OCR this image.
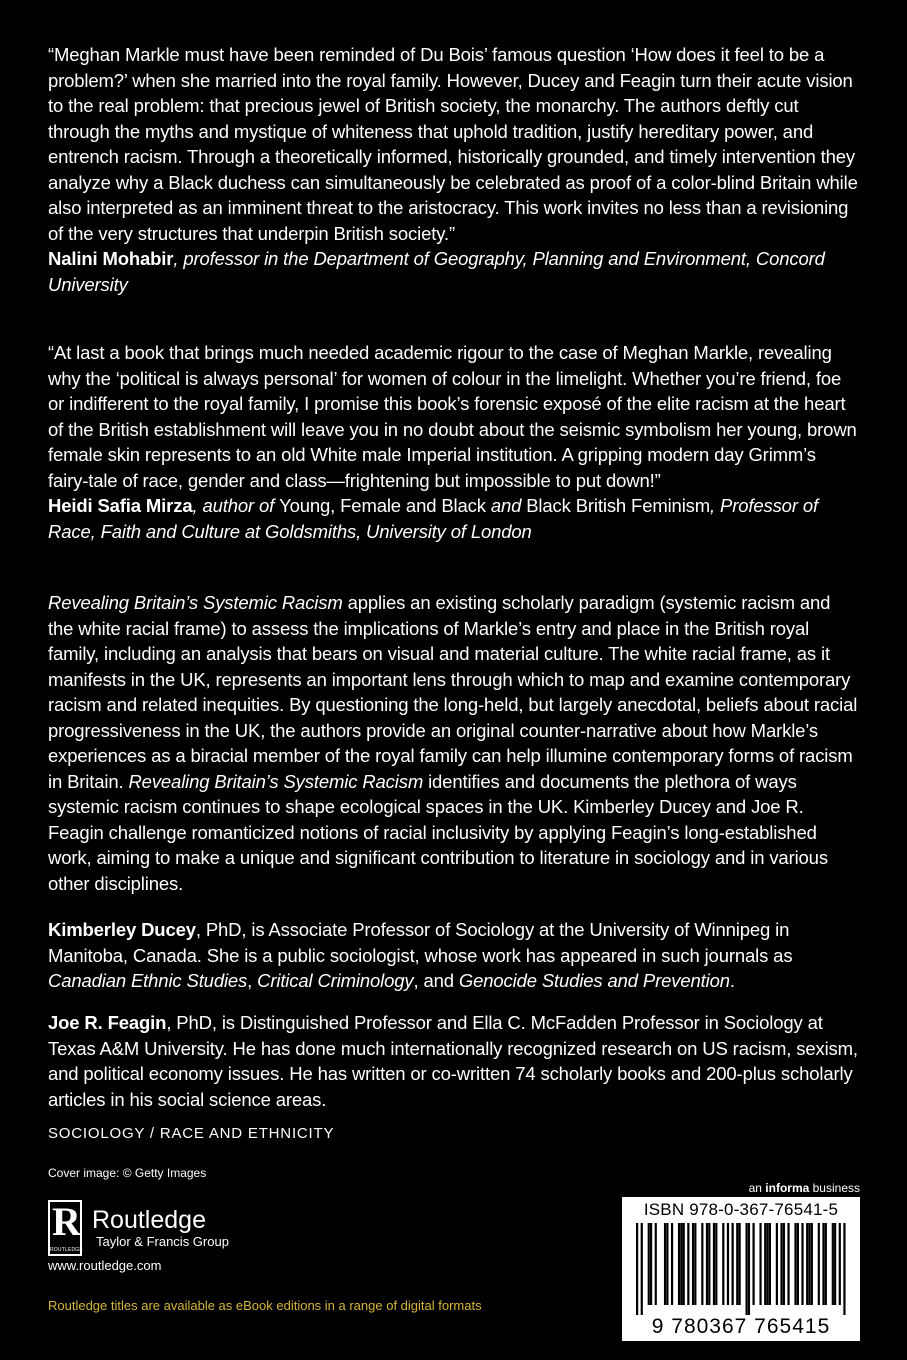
“Meghan Markle must have been reminded of Du Bois’ famous question ‘How does it feel to be a problem?’ when she married into the royal family. However, Ducey and Feagin turn their acute vision to the real problem: that precious jewel of British society, the monarchy. The authors deftly cut through the myths and mystique of whiteness that uphold tradition, justify hereditary power, and entrench racism. Through a theoretically informed, historically grounded, and timely intervention they analyze why a Black duchess can simultaneously be celebrated as proof of a color-blind Britain while also interpreted as an imminent threat to the aristocracy. This work invites no less than a revisioning of the very structures that underpin British society.”

Nalini Mohabir, professor in the Department of Geography, Planning and Environment, Concord University

“At last a book that brings much needed academic rigour to the case of Meghan Markle, revealing why the ‘political is always personal’ for women of colour in the limelight. Whether you’re friend, foe or indifferent to the royal family, I promise this book’s forensic exposé of the elite racism at the heart of the British establishment will leave you in no doubt about the seismic symbolism her young, brown female skin represents to an old White male Imperial institution. A gripping modern day Grimm’s fairy-tale of race, gender and class—frightening but impossible to put down!”

Heidi Safia Mirza, author of Young, Female and Black and Black British Feminism, Professor of Race, Faith and Culture at Goldsmiths, University of London

Revealing Britain’s Systemic Racism applies an existing scholarly paradigm (systemic racism and the white racial frame) to assess the implications of Markle’s entry and place in the British royal family, including an analysis that bears on visual and material culture. The white racial frame, as it manifests in the UK, represents an important lens through which to map and examine contemporary racism and related inequities. By questioning the long-held, but largely anecdotal, beliefs about racial progressiveness in the UK, the authors provide an original counter-narrative about how Markle’s experiences as a biracial member of the royal family can help illumine contemporary forms of racism in Britain. Revealing Britain’s Systemic Racism identifies and documents the plethora of ways systemic racism continues to shape ecological spaces in the UK. Kimberley Ducey and Joe R. Feagin challenge romanticized notions of racial inclusivity by applying Feagin’s long-established work, aiming to make a unique and significant contribution to literature in sociology and in various other disciplines.

Kimberley Ducey, PhD, is Associate Professor of Sociology at the University of Winnipeg in Manitoba, Canada. She is a public sociologist, whose work has appeared in such journals as Canadian Ethnic Studies, Critical Criminology, and Genocide Studies and Prevention.

Joe R. Feagin, PhD, is Distinguished Professor and Ella C. McFadden Professor in Sociology at Texas A&M University. He has done much internationally recognized research on US racism, sexism, and political economy issues. He has written or co-written 74 scholarly books and 200-plus scholarly articles in his social science areas.

SOCIOLOGY / RACE AND ETHNICITY
Cover image: © Getty Images
R
ROUTLEDGE
Routledge
Taylor & Francis Group
www.routledge.com
Routledge titles are available as eBook editions in a range of digital formats
an informa business
ISBN 978-0-367-76541-5
9 780367 765415
